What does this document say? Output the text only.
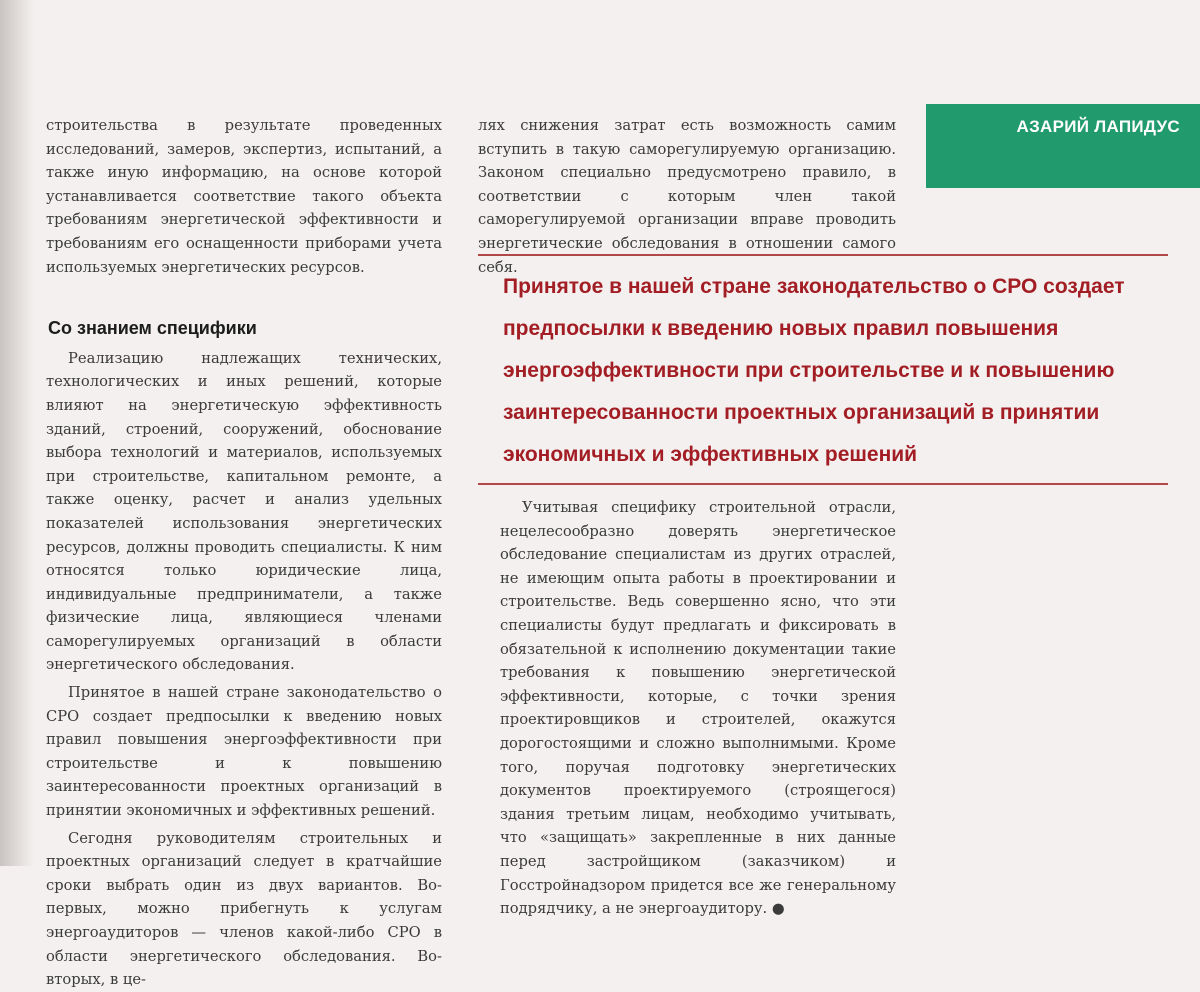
строительства в результате проведенных исследований, замеров, экспертиз, испытаний, а также иную информацию, на основе которой устанавливается соответствие такого объекта требованиям энергетической эффективности и требованиям его оснащенности приборами учета используемых энергетических ресурсов.

Со знанием специфики

Реализацию надлежащих технических, технологических и иных решений, которые влияют на энергетическую эффективность зданий, строений, сооружений, обоснование выбора технологий и материалов, используемых при строительстве, капитальном ремонте, а также оценку, расчет и анализ удельных показателей использования энергетических ресурсов, должны проводить специалисты. К ним относятся только юридические лица, индивидуальные предприниматели, а также физические лица, являющиеся членами саморегулируемых организаций в области энергетического обследования.

Принятое в нашей стране законодательство о СРО создает предпосылки к введению новых правил повышения энергоэффективности при строительстве и к повышению заинтересованности проектных организаций в принятии экономичных и эффективных решений.

Сегодня руководителям строительных и проектных организаций следует в кратчайшие сроки выбрать один из двух вариантов. Во-первых, можно прибегнуть к услугам энергоаудиторов — членов какой-либо СРО в области энергетического обследования. Во-вторых, в це-

лях снижения затрат есть возможность самим вступить в такую саморегулируемую организацию. Законом специально предусмотрено правило, в соответствии с которым член такой саморегулируемой организации вправе проводить энергетические обследования в отношении самого себя.

АЗАРИЙ ЛАПИДУС
Принятое в нашей стране законодательство о СРО создает
предпосылки к введению новых правил повышения
энергоэффективности при строительстве и к повышению
заинтересованности проектных организаций в принятии
экономичных и эффективных решений

Учитывая специфику строительной отрасли, нецелесообразно доверять энергетическое обследование специалистам из других отраслей, не имеющим опыта работы в проектировании и строительстве. Ведь совершенно ясно, что эти специалисты будут предлагать и фиксировать в обязательной к исполнению документации такие требования к повышению энергетической эффективности, которые, с точки зрения проектировщиков и строителей, окажутся дорогостоящими и сложно выполнимыми. Кроме того, поручая подготовку энергетических документов проектируемого (строящегося) здания третьим лицам, необходимо учитывать, что «защищать» закрепленные в них данные перед застройщиком (заказчиком) и Госстройнадзором придется все же генеральному подрядчику, а не энергоаудитору. ●
